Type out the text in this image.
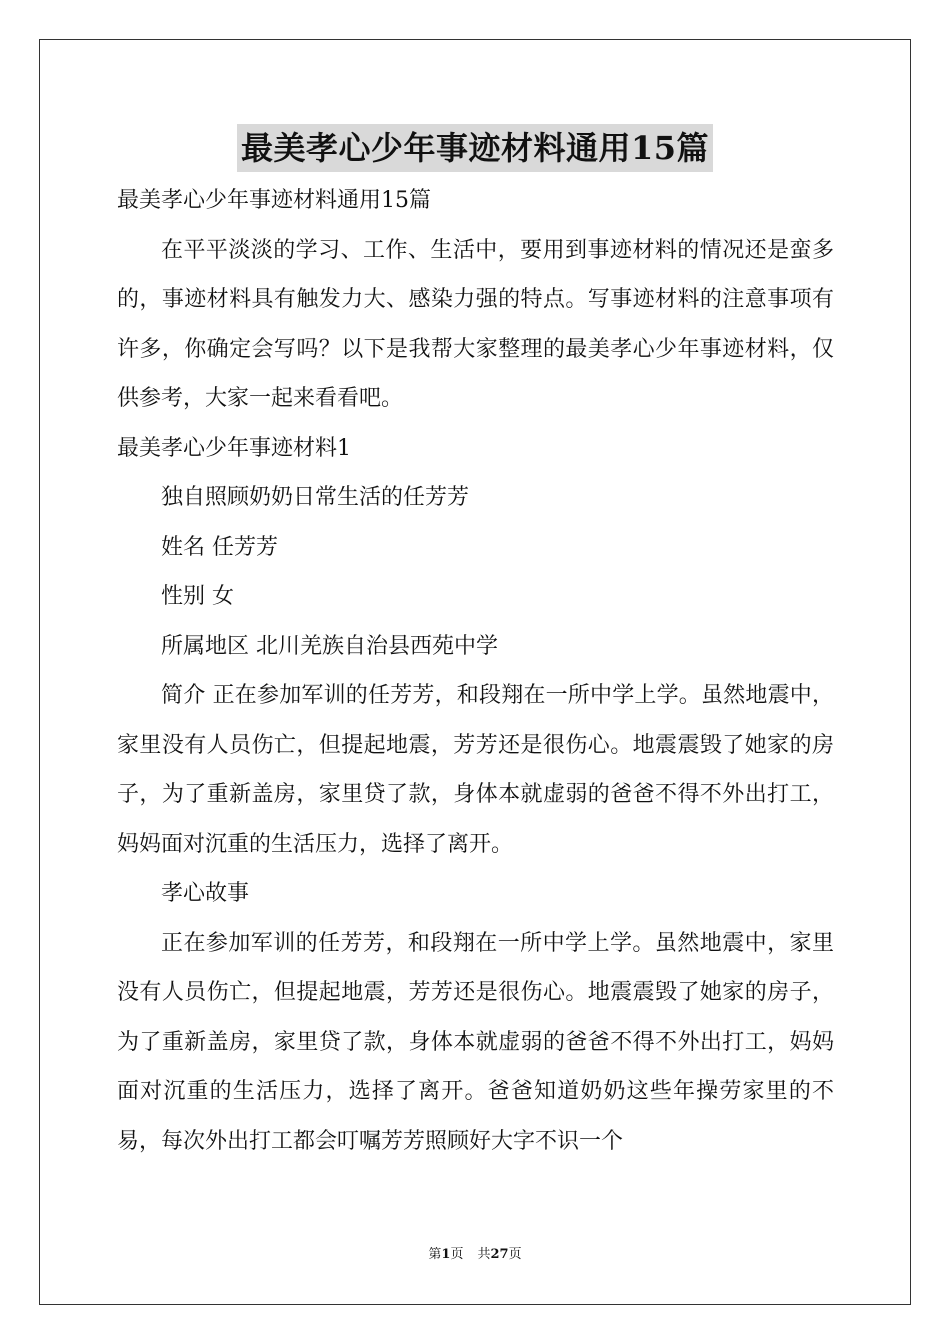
最美孝心少年事迹材料通用15篇

最美孝心少年事迹材料通用15篇

在平平淡淡的学习、工作、生活中，要用到事迹材料的情况还是蛮多的，事迹材料具有触发力大、感染力强的特点。写事迹材料的注意事项有许多，你确定会写吗？以下是我帮大家整理的最美孝心少年事迹材料，仅供参考，大家一起来看看吧。

最美孝心少年事迹材料1

独自照顾奶奶日常生活的任芳芳

姓名 任芳芳

性别 女

所属地区 北川羌族自治县西苑中学

简介 正在参加军训的任芳芳，和段翔在一所中学上学。虽然地震中，家里没有人员伤亡，但提起地震，芳芳还是很伤心。地震震毁了她家的房子，为了重新盖房，家里贷了款，身体本就虚弱的爸爸不得不外出打工，妈妈面对沉重的生活压力，选择了离开。

孝心故事

正在参加军训的任芳芳，和段翔在一所中学上学。虽然地震中，家里没有人员伤亡，但提起地震，芳芳还是很伤心。地震震毁了她家的房子，为了重新盖房，家里贷了款，身体本就虚弱的爸爸不得不外出打工，妈妈面对沉重的生活压力，选择了离开。爸爸知道奶奶这些年操劳家里的不易，每次外出打工都会叮嘱芳芳照顾好大字不识一个

第1页 共27页
